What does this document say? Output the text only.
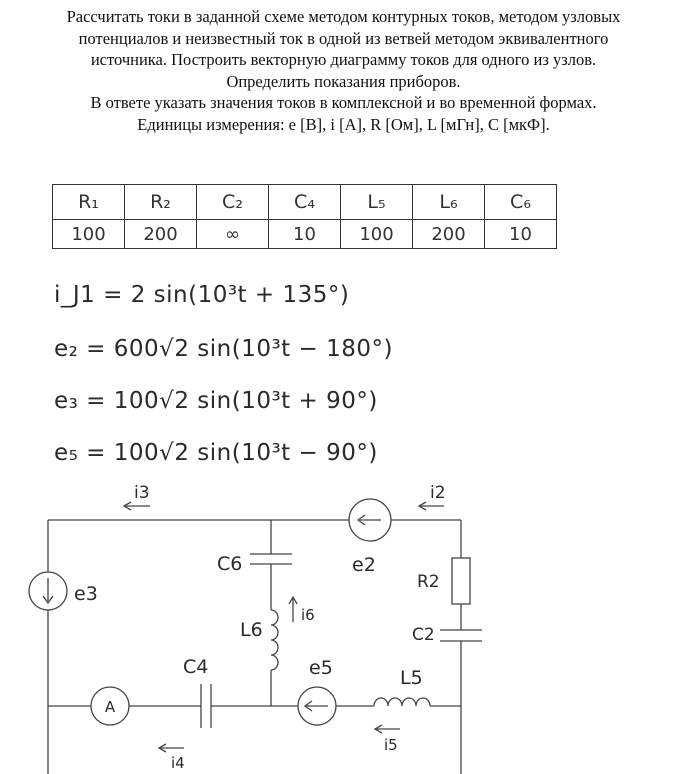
Рассчитать токи в заданной схеме методом контурных токов, методом узловых
потенциалов и неизвестный ток в одной из ветвей методом эквивалентного
источника. Построить векторную диаграмму токов для одного из узлов.
Определить показания приборов.
В ответе указать значения токов в комплексной и во временной формах.
Единицы измерения: e [В], i [А], R [Ом], L [мГн], C [мкФ].
R₁	R₂	C₂	C₄	L₅	L₆	C₆
100	200	∞	10	100	200	10
i_J1 = 2 sin(10³t + 135°)
e₂ = 600√2 sin(10³t − 180°)
e₃ = 100√2 sin(10³t + 90°)
e₅ = 100√2 sin(10³t − 90°)
i3	i2
C6	e2
e3
R2
i6
L6	C2
C4	e5	L5
A
i4
i5
